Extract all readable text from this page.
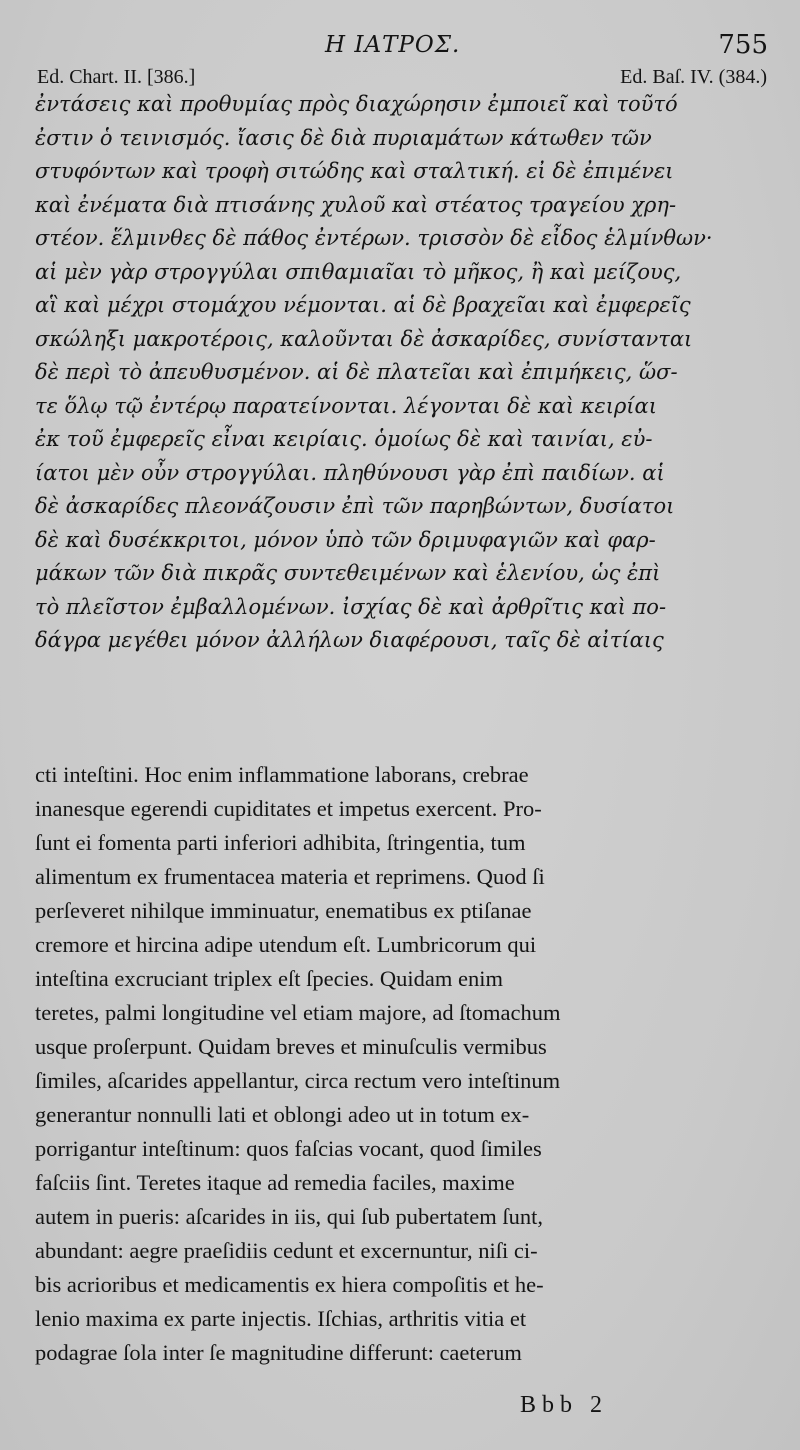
Η ΙΑΤΡΟΣ.	755
Ed. Chart. II. [386.]	Ed. Baſ. IV. (384.)
ἐντάσεις καὶ προθυμίας πρὸς διαχώρησιν ἐμποιεῖ καὶ τοῦτό
ἐστιν ὁ τεινισμός. ἴασις δὲ διὰ πυριαμάτων κάτωθεν τῶν
στυφόντων καὶ τροφὴ σιτώδης καὶ σταλτική. εἰ δὲ ἐπιμένει
καὶ ἐνέματα διὰ πτισάνης χυλοῦ καὶ στέατος τραγείου χρη-
στέον. ἕλμινθες δὲ πάθος ἐντέρων. τρισσὸν δὲ εἶδος ἑλμίνθων·
αἱ μὲν γὰρ στρογγύλαι σπιθαμιαῖαι τὸ μῆκος, ἢ καὶ μείζους,
αἳ καὶ μέχρι στομάχου νέμονται. αἱ δὲ βραχεῖαι καὶ ἐμφερεῖς
σκώληξι μακροτέροις, καλοῦνται δὲ ἀσκαρίδες, συνίστανται
δὲ περὶ τὸ ἀπευθυσμένον. αἱ δὲ πλατεῖαι καὶ ἐπιμήκεις, ὥσ-
τε ὅλῳ τῷ ἐντέρῳ παρατείνονται. λέγονται δὲ καὶ κειρίαι
ἐκ τοῦ ἐμφερεῖς εἶναι κειρίαις. ὁμοίως δὲ καὶ ταινίαι, εὐ-
ίατοι μὲν οὖν στρογγύλαι. πληθύνουσι γὰρ ἐπὶ παιδίων. αἱ
δὲ ἀσκαρίδες πλεονάζουσιν ἐπὶ τῶν παρηβώντων, δυσίατοι
δὲ καὶ δυσέκκριτοι, μόνον ὑπὸ τῶν δριμυφαγιῶν καὶ φαρ-
μάκων τῶν διὰ πικρᾶς συντεθειμένων καὶ ἑλενίου, ὡς ἐπὶ
τὸ πλεῖστον ἐμβαλλομένων. ἰσχίας δὲ καὶ ἀρθρῖτις καὶ πο-
δάγρα μεγέθει μόνον ἀλλήλων διαφέρουσι, ταῖς δὲ αἰτίαις
cti inteſtini. Hoc enim inflammatione laborans, crebrae
inanesque egerendi cupiditates et impetus exercent. Pro-
ſunt ei fomenta parti inferiori adhibita, ſtringentia, tum
alimentum ex frumentacea materia et reprimens. Quod ſi
perſeveret nihilque imminuatur, enematibus ex ptiſanae
cremore et hircina adipe utendum eſt. Lumbricorum qui
inteſtina excruciant triplex eſt ſpecies. Quidam enim
teretes, palmi longitudine vel etiam majore, ad ſtomachum
usque proſerpunt. Quidam breves et minuſculis vermibus
ſimiles, aſcarides appellantur, circa rectum vero inteſtinum
generantur nonnulli lati et oblongi adeo ut in totum ex-
porrigantur inteſtinum: quos faſcias vocant, quod ſimiles
faſciis ſint. Teretes itaque ad remedia faciles, maxime
autem in pueris: aſcarides in iis, qui ſub pubertatem ſunt,
abundant: aegre praeſidiis cedunt et excernuntur, niſi ci-
bis acrioribus et medicamentis ex hiera compoſitis et he-
lenio maxima ex parte injectis. Iſchias, arthritis vitia et
podagrae ſola inter ſe magnitudine differunt: caeterum
Bbb 2
